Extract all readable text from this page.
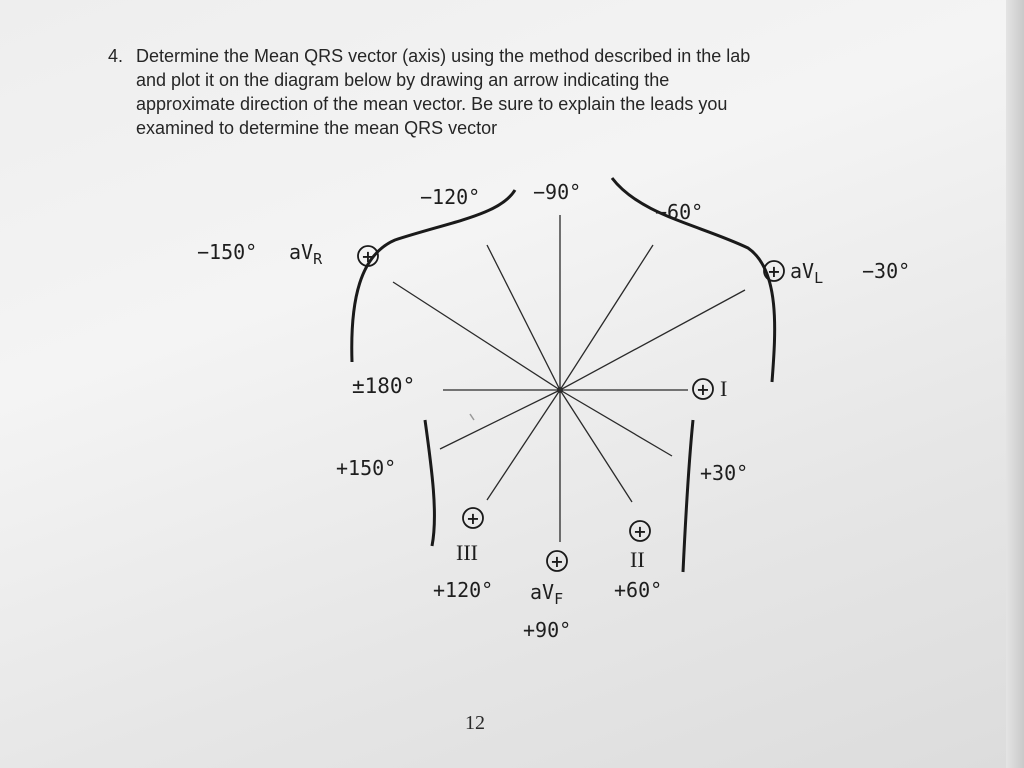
4. Determine the Mean QRS vector (axis) using the method described in the lab
and plot it on the diagram below by drawing an arrow indicating the
approximate direction of the mean vector. Be sure to explain the leads you
examined to determine the mean QRS vector
+
+
+
+
+
+
−120°	−90°
−60°
−150° $aV_R$	$aV_L -30^\circ$
±180°	I
+150°	+30°
III	II
+120° $aV_F$	+60°
+90°
12
